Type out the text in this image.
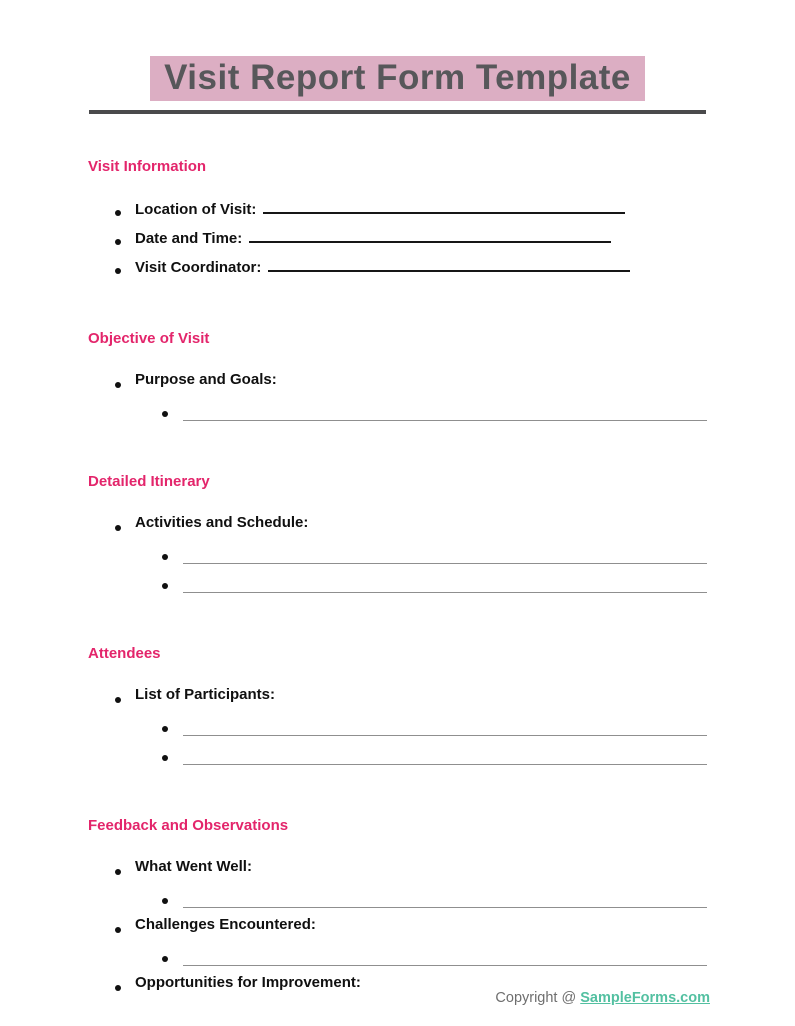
Visit Report Form Template
Visit Information
Location of Visit:
Date and Time:
Visit Coordinator:
Objective of Visit
Purpose and Goals:
Detailed Itinerary
Activities and Schedule:
Attendees
List of Participants:
Feedback and Observations
What Went Well:
Challenges Encountered:
Opportunities for Improvement:
Copyright @ SampleForms.com
